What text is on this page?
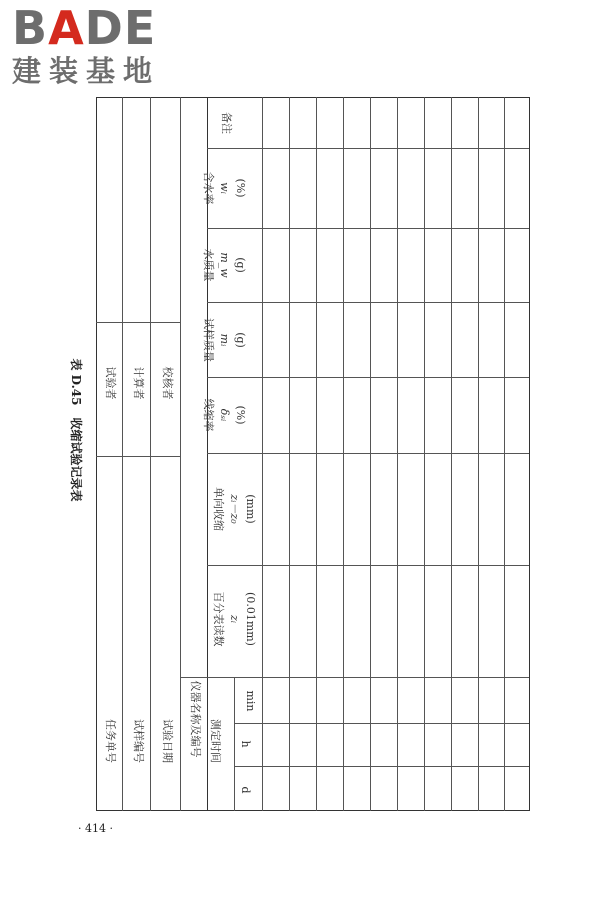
BADE
建装基地
表 D.45　收缩试验记录表
任务单号 试样编号 试验日期 仪器名称及编号
试验者 计算者 校核者
测定时间
d
h
min
百分表读数 zᵢ (0.01mm)
单向收缩 zᵢ－z₀ (mm)
线缩率 δₛᵢ (%)
试样质量 mᵢ (g)
水质量 m_w (g)
含水率 wᵢ (%)
备注
· 414 ·
